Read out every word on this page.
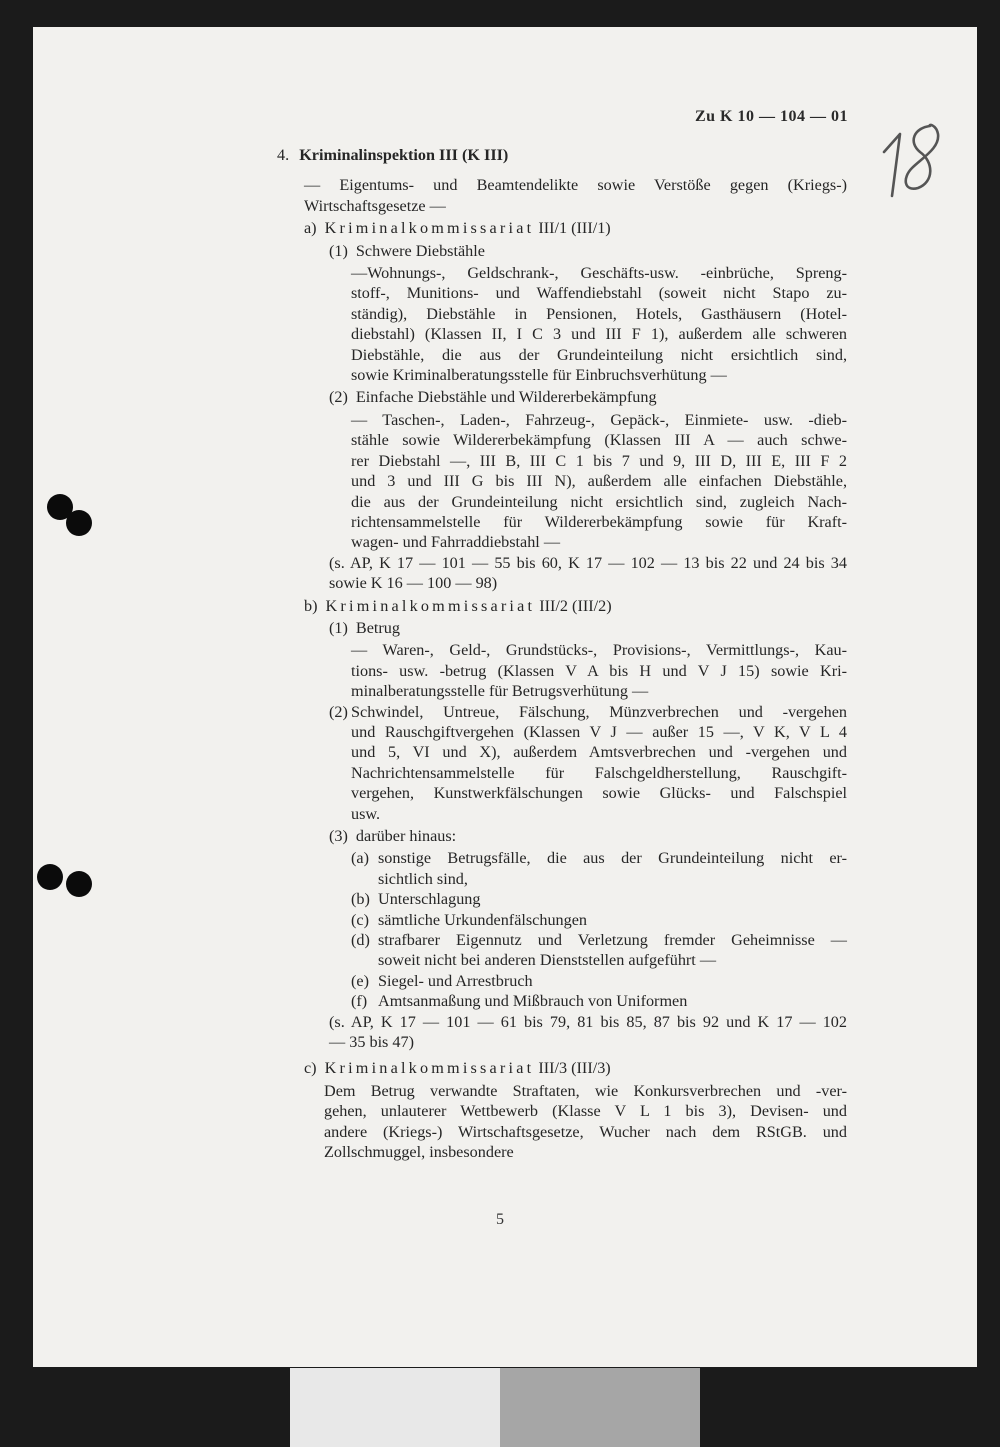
Zu K 10 — 104 — 01
4. Kriminalinspektion III (K III)
— Eigentums- und Beamtendelikte sowie Verstöße gegen (Kriegs-)
Wirtschaftsgesetze —
a) Kriminalkommissariat III/1 (III/1)
(1) Schwere Diebstähle
—Wohnungs-, Geldschrank-, Geschäfts-usw. -einbrüche, Spreng-
stoff-, Munitions- und Waffendiebstahl (soweit nicht Stapo zu-
ständig), Diebstähle in Pensionen, Hotels, Gasthäusern (Hotel-
diebstahl) (Klassen II, I C 3 und III F 1), außerdem alle schweren
Diebstähle, die aus der Grundeinteilung nicht ersichtlich sind,
sowie Kriminalberatungsstelle für Einbruchsverhütung —
(2) Einfache Diebstähle und Wildererbekämpfung
— Taschen-, Laden-, Fahrzeug-, Gepäck-, Einmiete- usw. -dieb-
stähle sowie Wildererbekämpfung (Klassen III A — auch schwe-
rer Diebstahl —, III B, III C 1 bis 7 und 9, III D, III E, III F 2
und 3 und III G bis III N), außerdem alle einfachen Diebstähle,
die aus der Grundeinteilung nicht ersichtlich sind, zugleich Nach-
richtensammelstelle für Wildererbekämpfung sowie für Kraft-
wagen- und Fahrraddiebstahl —
(s. AP, K 17 — 101 — 55 bis 60, K 17 — 102 — 13 bis 22 und 24 bis 34
sowie K 16 — 100 — 98)
b) Kriminalkommissariat III/2 (III/2)
(1) Betrug
— Waren-, Geld-, Grundstücks-, Provisions-, Vermittlungs-, Kau-
tions- usw. -betrug (Klassen V A bis H und V J 15) sowie Kri-
minalberatungsstelle für Betrugsverhütung —
(2) Schwindel, Untreue, Fälschung, Münzverbrechen und -vergehen
und Rauschgiftvergehen (Klassen V J — außer 15 —, V K, V L 4
und 5, VI und X), außerdem Amtsverbrechen und -vergehen und
Nachrichtensammelstelle für Falschgeldherstellung, Rauschgift-
vergehen, Kunstwerkfälschungen sowie Glücks- und Falschspiel
usw.
(3) darüber hinaus:
(a) sonstige Betrugsfälle, die aus der Grundeinteilung nicht er-
sichtlich sind,
(b) Unterschlagung
(c) sämtliche Urkundenfälschungen
(d) strafbarer Eigennutz und Verletzung fremder Geheimnisse —
soweit nicht bei anderen Dienststellen aufgeführt —
(e) Siegel- und Arrestbruch
(f) Amtsanmaßung und Mißbrauch von Uniformen
(s. AP, K 17 — 101 — 61 bis 79, 81 bis 85, 87 bis 92 und K 17 — 102
— 35 bis 47)
c) Kriminalkommissariat III/3 (III/3)
Dem Betrug verwandte Straftaten, wie Konkursverbrechen und -ver-
gehen, unlauterer Wettbewerb (Klasse V L 1 bis 3), Devisen- und
andere (Kriegs-) Wirtschaftsgesetze, Wucher nach dem RStGB. und
Zollschmuggel, insbesondere
5
